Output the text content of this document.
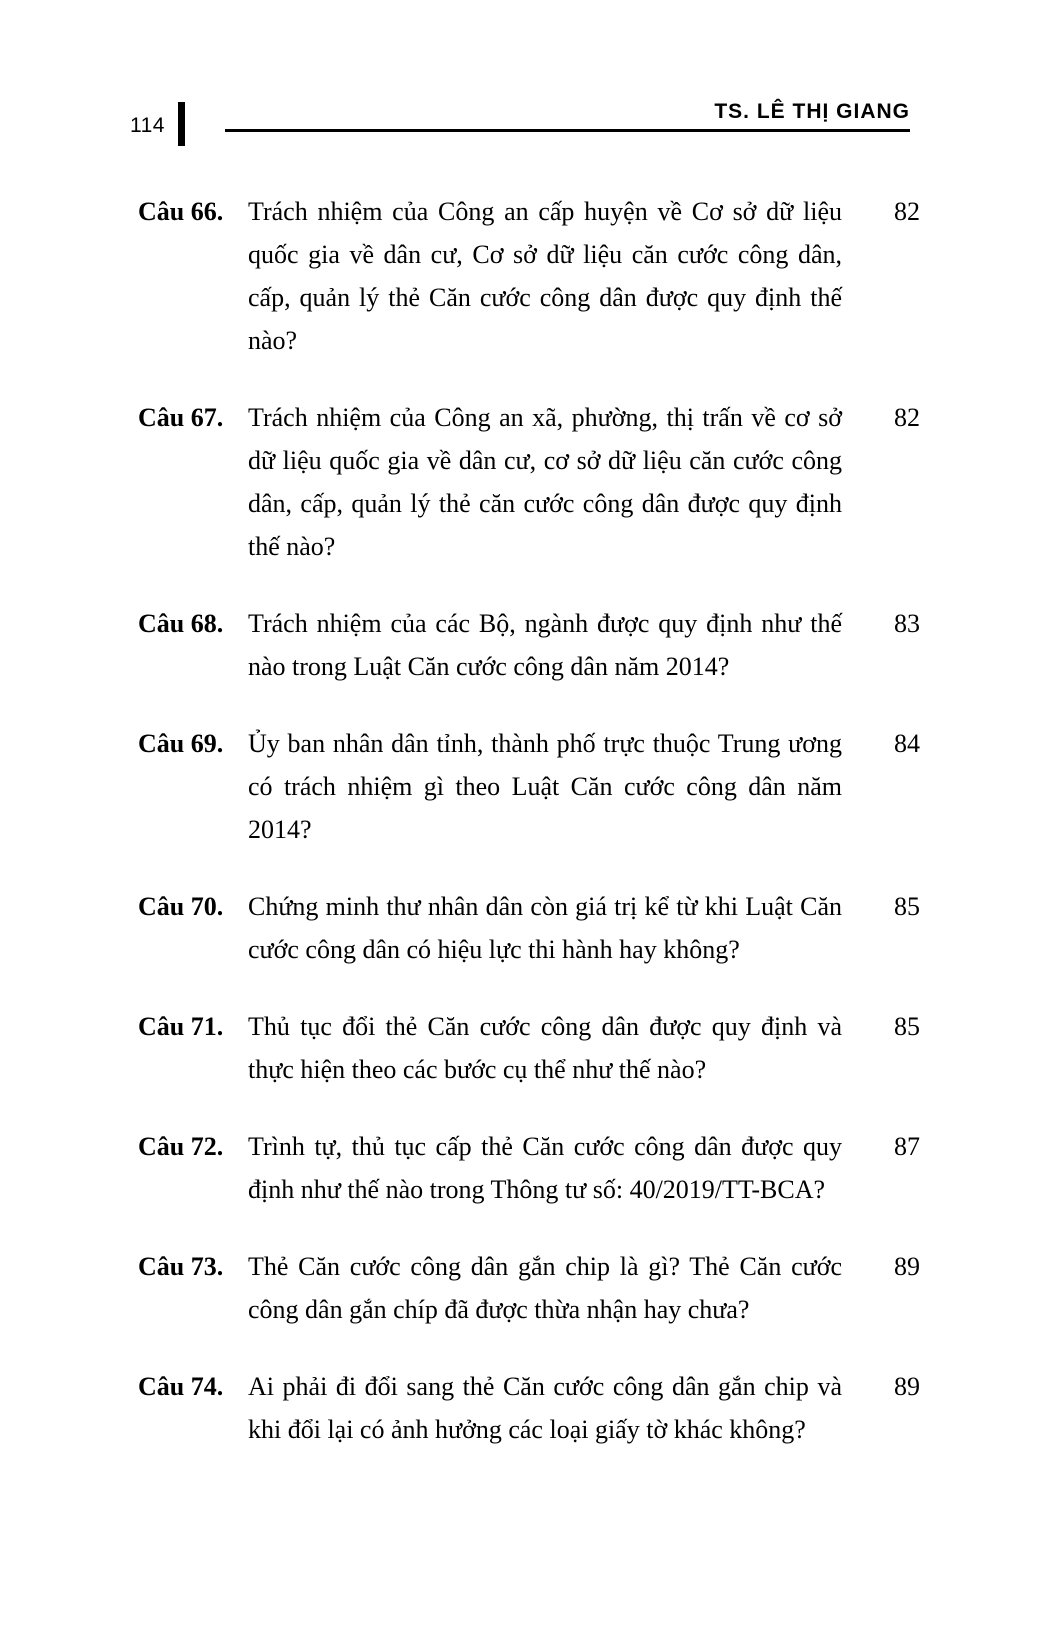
114
TS. LÊ THỊ GIANG
Câu 66. Trách nhiệm của Công an cấp huyện về Cơ sở dữ liệu quốc gia về dân cư, Cơ sở dữ liệu căn cước công dân, cấp, quản lý thẻ Căn cước công dân được quy định thế nào?
82
Câu 67. Trách nhiệm của Công an xã, phường, thị trấn về cơ sở dữ liệu quốc gia về dân cư, cơ sở dữ liệu căn cước công dân, cấp, quản lý thẻ căn cước công dân được quy định thế nào?
82
Câu 68. Trách nhiệm của các Bộ, ngành được quy định như thế nào trong Luật Căn cước công dân năm 2014?
83
Câu 69. Ủy ban nhân dân tỉnh, thành phố trực thuộc Trung ương có trách nhiệm gì theo Luật Căn cước công dân năm 2014?
84
Câu 70. Chứng minh thư nhân dân còn giá trị kể từ khi Luật Căn cước công dân có hiệu lực thi hành hay không?
85
Câu 71. Thủ tục đổi thẻ Căn cước công dân được quy định và thực hiện theo các bước cụ thể như thế nào?
85
Câu 72. Trình tự, thủ tục cấp thẻ Căn cước công dân được quy định như thế nào trong Thông tư số: 40/2019/TT-BCA?
87
Câu 73. Thẻ Căn cước công dân gắn chip là gì? Thẻ Căn cước công dân gắn chíp đã được thừa nhận hay chưa?
89
Câu 74. Ai phải đi đổi sang thẻ Căn cước công dân gắn chip và khi đổi lại có ảnh hưởng các loại giấy tờ khác không?
89
